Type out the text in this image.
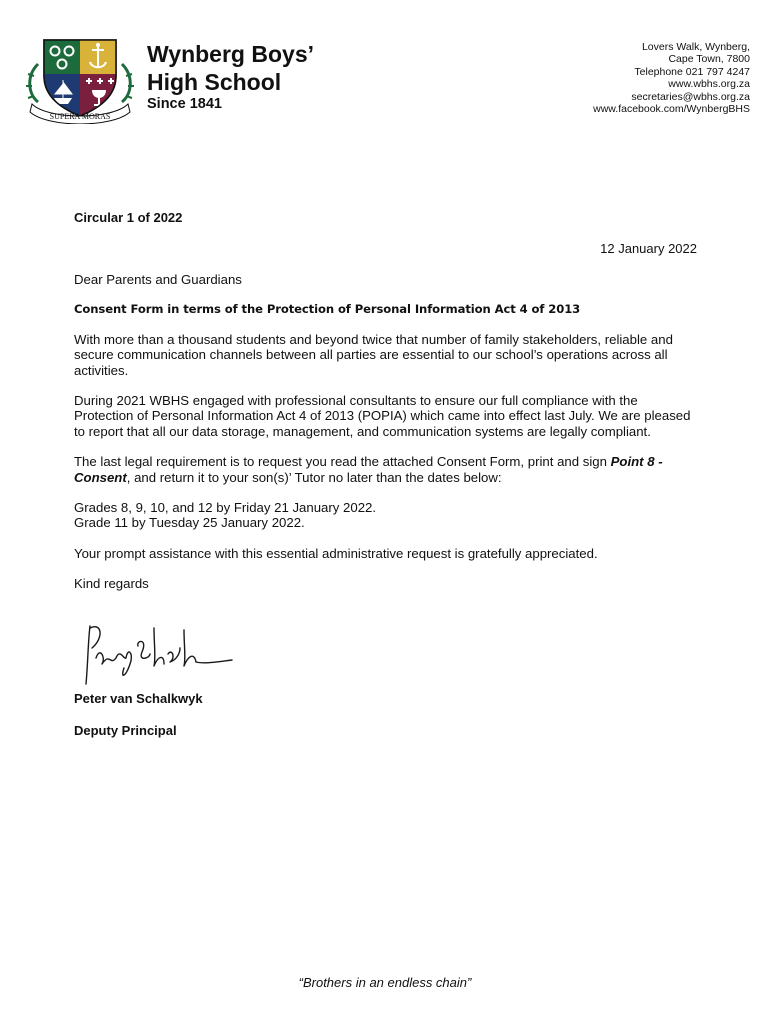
SUPERA MORAS
Wynberg Boys’
High School
Since 1841
Lovers Walk, Wynberg,
Cape Town, 7800
Telephone 021 797 4247
www.wbhs.org.za
secretaries@wbhs.org.za
www.facebook.com/WynbergBHS
Circular 1 of 2022
12 January 2022

Dear Parents and Guardians

Consent Form in terms of the Protection of Personal Information Act 4 of 2013

With more than a thousand students and beyond twice that number of family stakeholders, reliable and secure communication channels between all parties are essential to our school’s operations across all activities.

During 2021 WBHS engaged with professional consultants to ensure our full compliance with the Protection of Personal Information Act 4 of 2013 (POPIA) which came into effect last July. We are pleased to report that all our data storage, management, and communication systems are legally compliant.

The last legal requirement is to request you read the attached Consent Form, print and sign Point 8 - Consent, and return it to your son(s)’ Tutor no later than the dates below:

Grades 8, 9, 10, and 12 by Friday 21 January 2022.
Grade 11 by Tuesday 25 January 2022.

Your prompt assistance with this essential administrative request is gratefully appreciated.

Kind regards

Peter van Schalkwyk
Deputy Principal
“Brothers in an endless chain”
